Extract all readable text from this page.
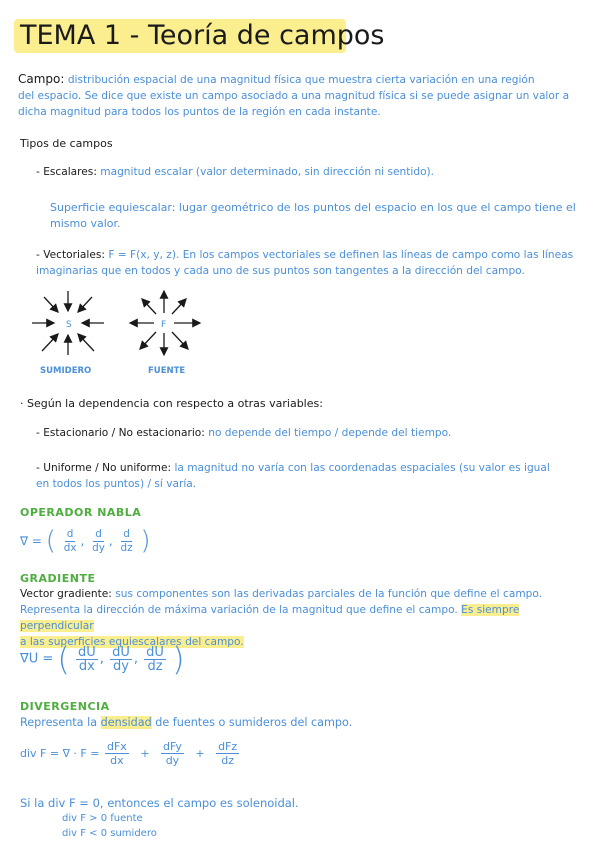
TEMA 1 - Teoría de campos
Campo: distribución espacial de una magnitud física que muestra cierta variación en una región
del espacio. Se dice que existe un campo asociado a una magnitud física si se puede asignar un valor a
dicha magnitud para todos los puntos de la región en cada instante.
Tipos de campos
- Escalares: magnitud escalar (valor determinado, sin dirección ni sentido).
Superficie equiescalar: lugar geométrico de los puntos del espacio en los que el campo tiene el
mismo valor.
- Vectoriales: F = F(x, y, z). En los campos vectoriales se definen las líneas de campo como las líneas
imaginarias que en todos y cada uno de sus puntos son tangentes a la dirección del campo.
S
SUMIDERO
F
FUENTE
· Según la dependencia con respecto a otras variables:
- Estacionario / No estacionario: no depende del tiempo / depende del tiempo.
- Uniforme / No uniforme: la magnitud no varía con las coordenadas espaciales (su valor es igual
en todos los puntos) / sí varía.
OPERADOR NABLA
∇ = ( $\frac{d}{dx}$ , $\frac{d}{dy}$ , $\frac{d}{dz}$ )
GRADIENTE
Vector gradiente: sus componentes son las derivadas parciales de la función que define el campo.
Representa la dirección de máxima variación de la magnitud que define el campo. Es siempre perpendicular
a las superficies equiescalares del campo.
∇U = ( $\frac{dU}{dx}$ , $\frac{dU}{dy}$ , $\frac{dU}{dz}$ )
DIVERGENCIA
Representa la densidad de fuentes o sumideros del campo.
div F = ∇ · $F = \frac{\text{dFx}}{dx} + \frac{\text{dFy}}{dy} + \frac{\text{dFz}}{dz}$
Si la div F = 0, entonces el campo es solenoidal.
div F > 0 fuente
div F < 0 sumidero
